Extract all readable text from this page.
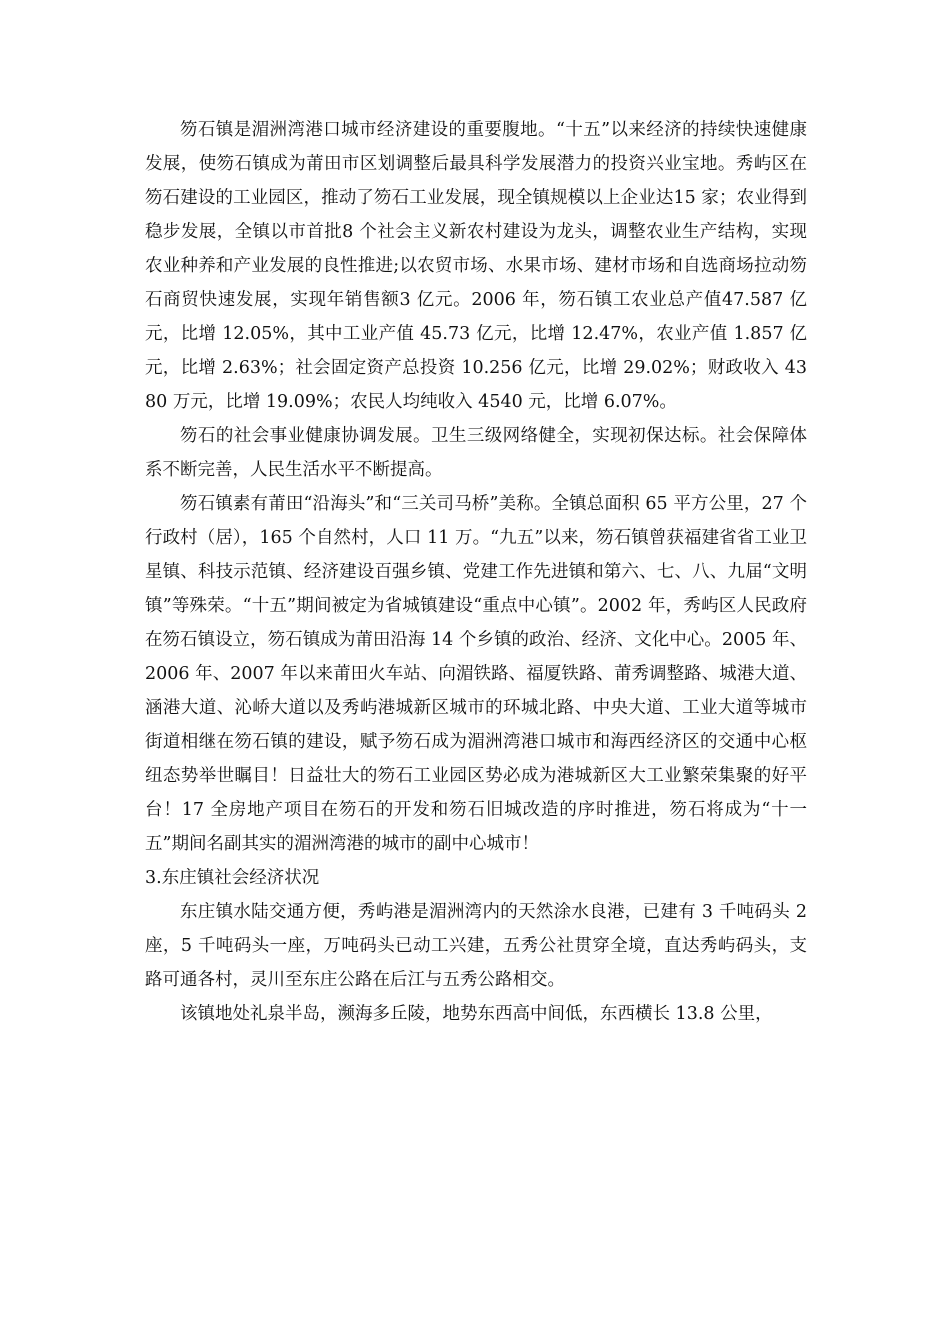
笏石镇是湄洲湾港口城市经济建设的重要腹地。“十五”以来经济的持续快速健康发展，使笏石镇成为莆田市区划调整后最具科学发展潜力的投资兴业宝地。秀屿区在笏石建设的工业园区，推动了笏石工业发展，现全镇规模以上企业达15 家；农业得到稳步发展，全镇以市首批8 个社会主义新农村建设为龙头，调整农业生产结构，实现农业种养和产业发展的良性推进;以农贸市场、水果市场、建材市场和自选商场拉动笏石商贸快速发展，实现年销售额3 亿元。2006 年，笏石镇工农业总产值47.587 亿元，比增 12.05%，其中工业产值 45.73 亿元，比增 12.47%，农业产值 1.857 亿元，比增 2.63%；社会固定资产总投资 10.256 亿元，比增 29.02%；财政收入 4380 万元，比增 19.09%；农民人均纯收入 4540 元，比增 6.07%。

笏石的社会事业健康协调发展。卫生三级网络健全，实现初保达标。社会保障体系不断完善，人民生活水平不断提高。

笏石镇素有莆田“沿海头”和“三关司马桥”美称。全镇总面积 65 平方公里，27 个行政村（居），165 个自然村，人口 11 万。“九五”以来，笏石镇曾获福建省省工业卫星镇、科技示范镇、经济建设百强乡镇、党建工作先进镇和第六、七、八、九届“文明镇”等殊荣。“十五”期间被定为省城镇建设“重点中心镇”。2002 年，秀屿区人民政府在笏石镇设立，笏石镇成为莆田沿海 14 个乡镇的政治、经济、文化中心。2005 年、2006 年、2007 年以来莆田火车站、向湄铁路、福厦铁路、莆秀调整路、城港大道、涵港大道、沁峤大道以及秀屿港城新区城市的环城北路、中央大道、工业大道等城市街道相继在笏石镇的建设，赋予笏石成为湄洲湾港口城市和海西经济区的交通中心枢纽态势举世瞩目！日益壮大的笏石工业园区势必成为港城新区大工业繁荣集聚的好平台！17 全房地产项目在笏石的开发和笏石旧城改造的序时推进，笏石将成为“十一五”期间名副其实的湄洲湾港的城市的副中心城市！

3.东庄镇社会经济状况

东庄镇水陆交通方便，秀屿港是湄洲湾内的天然涂水良港，已建有 3 千吨码头 2 座，5 千吨码头一座，万吨码头已动工兴建，五秀公社贯穿全境，直达秀屿码头，支路可通各村，灵川至东庄公路在后江与五秀公路相交。

该镇地处礼泉半岛，濒海多丘陵，地势东西高中间低，东西横长 13.8 公里，
